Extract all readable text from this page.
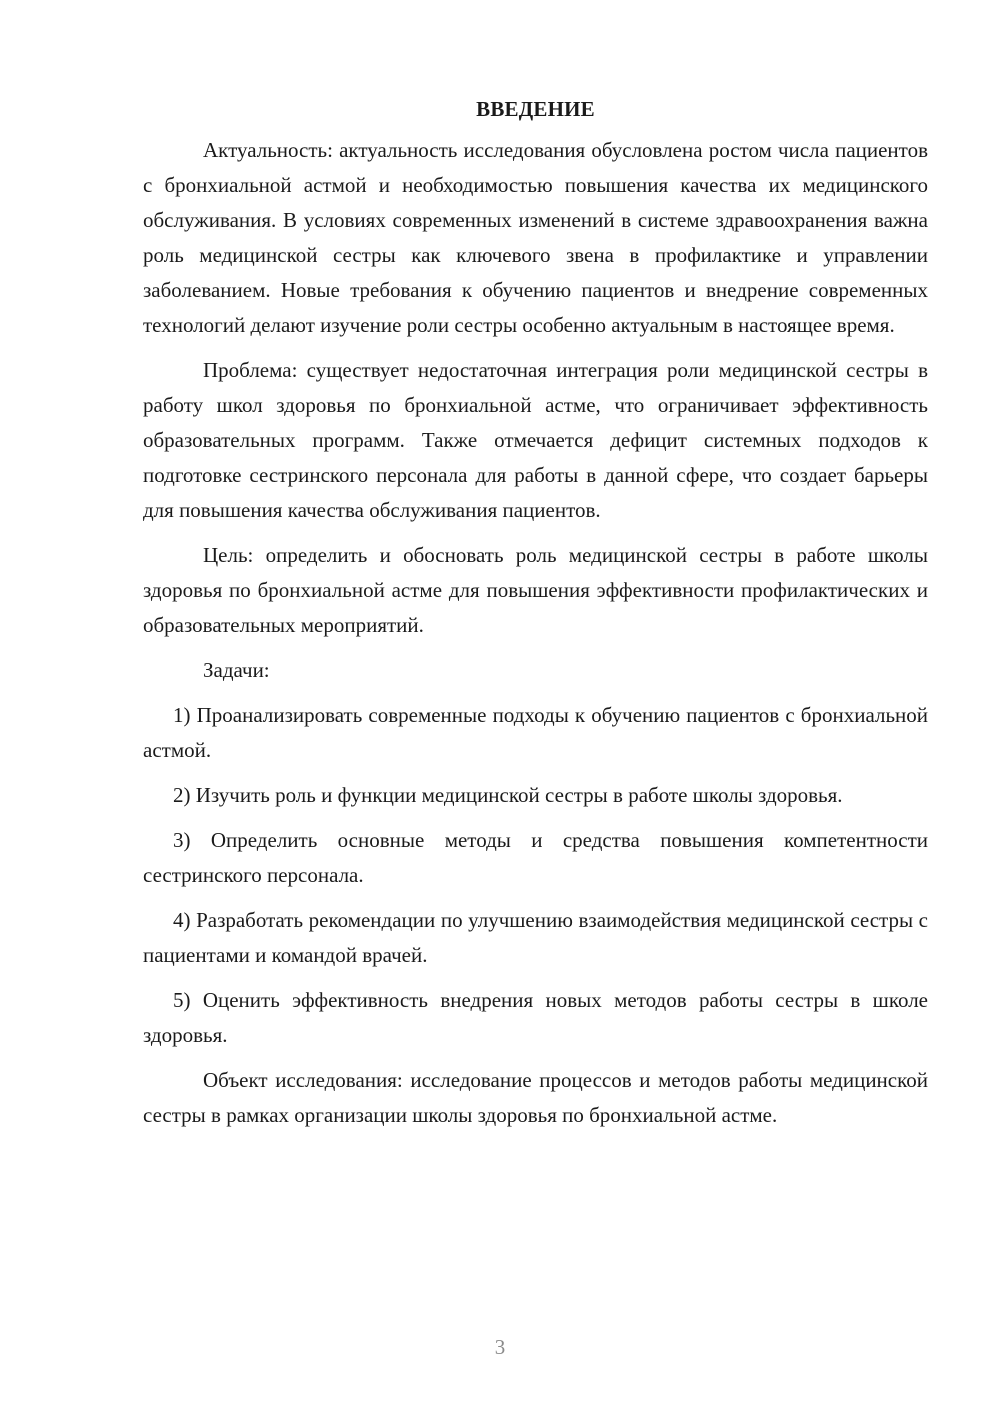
ВВЕДЕНИЕ

Актуальность: актуальность исследования обусловлена ростом числа пациентов с бронхиальной астмой и необходимостью повышения качества их медицинского обслуживания. В условиях современных изменений в системе здравоохранения важна роль медицинской сестры как ключевого звена в профилактике и управлении заболеванием. Новые требования к обучению пациентов и внедрение современных технологий делают изучение роли сестры особенно актуальным в настоящее время.

Проблема: существует недостаточная интеграция роли медицинской сестры в работу школ здоровья по бронхиальной астме, что ограничивает эффективность образовательных программ. Также отмечается дефицит системных подходов к подготовке сестринского персонала для работы в данной сфере, что создает барьеры для повышения качества обслуживания пациентов.

Цель: определить и обосновать роль медицинской сестры в работе школы здоровья по бронхиальной астме для повышения эффективности профилактических и образовательных мероприятий.

Задачи:

1) Проанализировать современные подходы к обучению пациентов с бронхиальной астмой.

2) Изучить роль и функции медицинской сестры в работе школы здоровья.

3) Определить основные методы и средства повышения компетентности сестринского персонала.

4) Разработать рекомендации по улучшению взаимодействия медицинской сестры с пациентами и командой врачей.

5) Оценить эффективность внедрения новых методов работы сестры в школе здоровья.

Объект исследования: исследование процессов и методов работы медицинской сестры в рамках организации школы здоровья по бронхиальной астме.

3
